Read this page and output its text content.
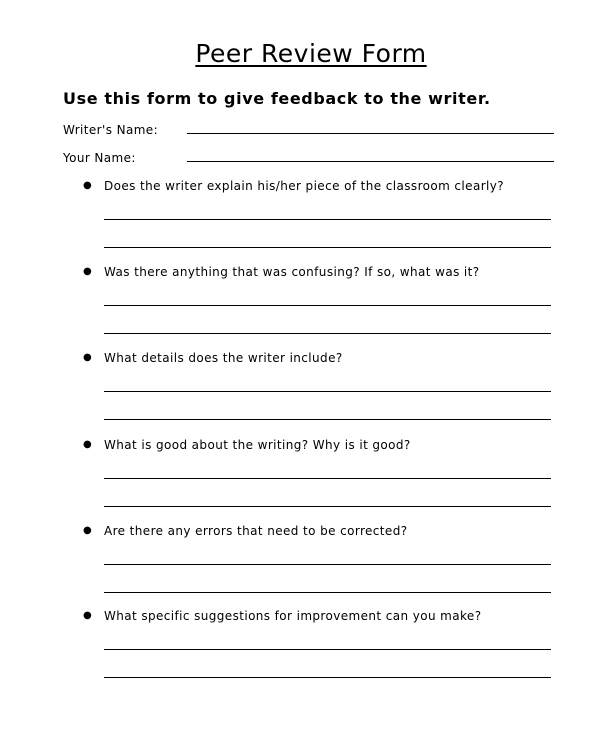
Peer Review Form

Use this form to give feedback to the writer.

Writer's Name:
Your Name:
● Does the writer explain his/her piece of the classroom clearly?
● Was there anything that was confusing? If so, what was it?
● What details does the writer include?
● What is good about the writing? Why is it good?
● Are there any errors that need to be corrected?
● What specific suggestions for improvement can you make?
